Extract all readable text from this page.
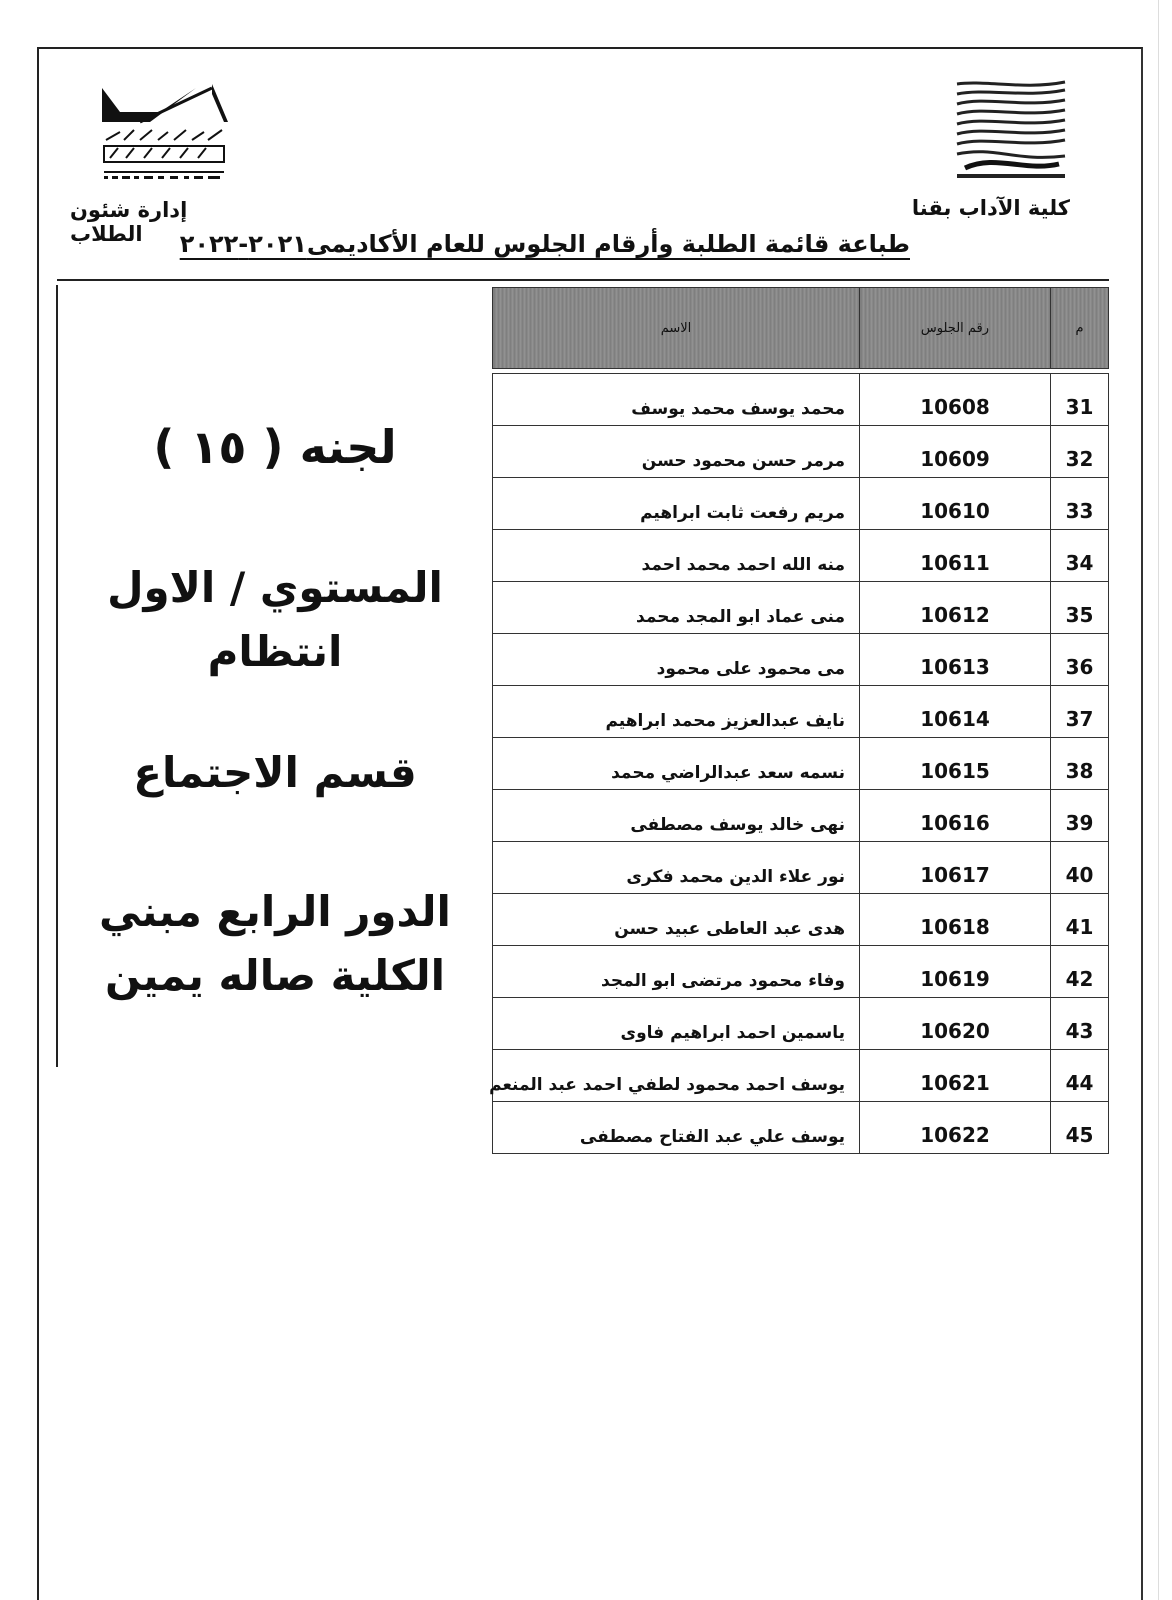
كلية الآداب بقنا
إدارة شئون الطلاب	طباعة قائمة الطلبة وأرقام الجلوس للعام الأكاديمى٢٠٢١-٢٠٢٢
لجنه ( ١٥ )
المستوي / الاول
انتظام
قسم الاجتماع
الدور الرابع مبني
الكلية صاله يمين
م	رقم الجلوس	الاسم

31	10608	محمد يوسف محمد يوسف
32	10609	مرمر حسن محمود حسن
33	10610	مريم رفعت ثابت ابراهيم
34	10611	منه الله احمد محمد احمد
35	10612	منى عماد ابو المجد محمد
36	10613	مى محمود على محمود
37	10614	نايف عبدالعزيز محمد ابراهيم
38	10615	نسمه سعد عبدالراضي محمد
39	10616	نهى خالد يوسف مصطفى
40	10617	نور علاء الدين محمد فكرى
41	10618	هدى عبد العاطى عبيد حسن
42	10619	وفاء محمود مرتضى ابو المجد
43	10620	ياسمين احمد ابراهيم فاوى
44	10621	يوسف احمد محمود لطفي احمد عبد المنعم
45	10622	يوسف علي عبد الفتاح مصطفى
